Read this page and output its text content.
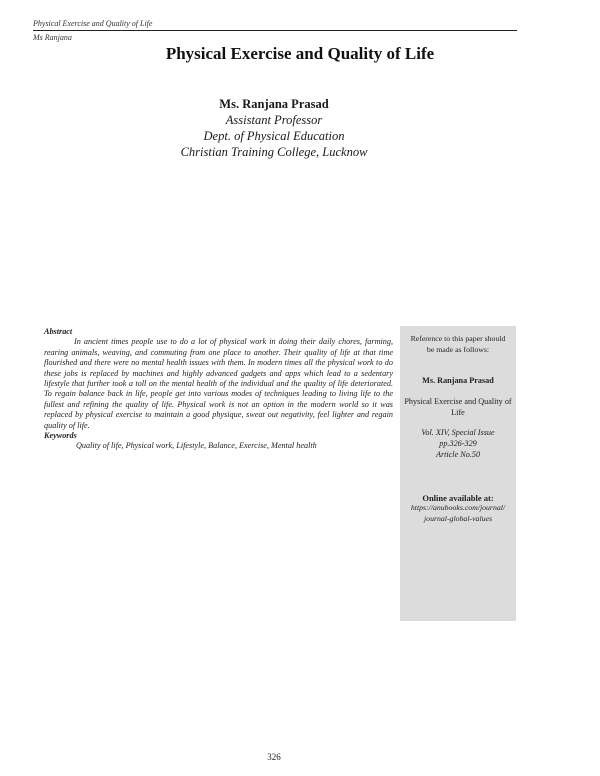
Physical Exercise and Quality of Life
Ms Ranjana
Physical Exercise and Quality of Life
Ms. Ranjana Prasad
Assistant Professor
Dept. of Physical Education
Christian Training College, Lucknow
Abstract
In ancient times people use to do a lot of physical work in doing their daily chores, farming, rearing animals, weaving, and commuting from one place to another. Their quality of life at that time flourished and there were no mental health issues with them. In modern times all the physical work to do these jobs is replaced by machines and highly advanced gadgets and apps which lead to a sedentary lifestyle that further took a toll on the mental health of the individual and the quality of life deteriorated. To regain balance back in life, people get into various modes of techniques leading to living life to the fullest and refining the quality of life. Physical work is not an option in the modern world so it was replaced by physical exercise to maintain a good physique, sweat out negativity, feel lighter and regain quality of life.
Keywords
Quality of life, Physical work, Lifestyle, Balance, Exercise, Mental health
Reference to this paper should be made as follows:
Ms. Ranjana Prasad
Physical Exercise and Quality of Life
Vol. XIV, Special Issue
pp.326-329
Article No.50
Online available at:
https://anubooks.com/journal/
journal-global-values
326
